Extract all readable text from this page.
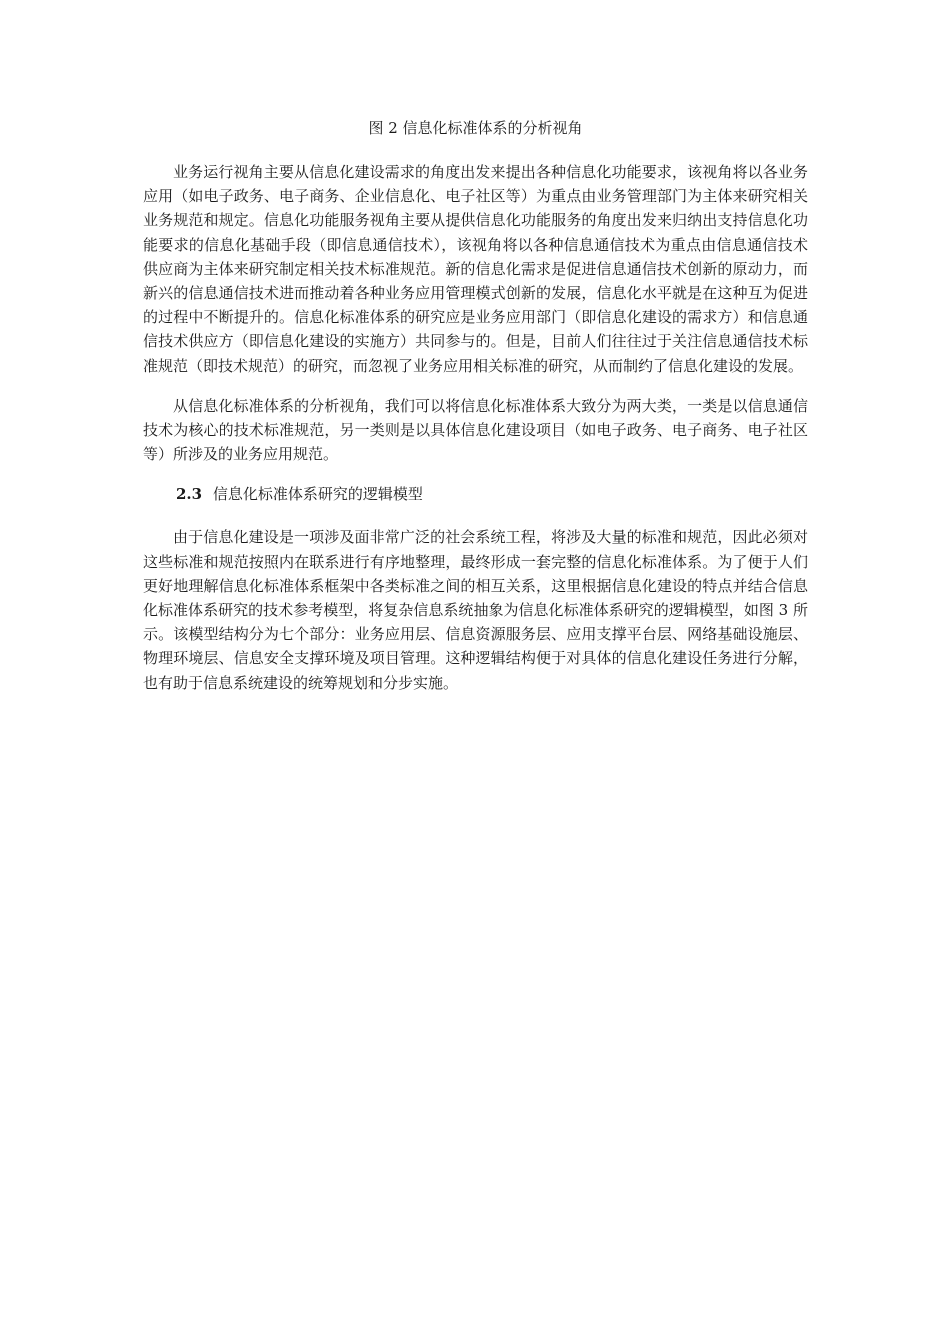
图 2 信息化标准体系的分析视角

业务运行视角主要从信息化建设需求的角度出发来提出各种信息化功能要求，该视角将以各业务应用（如电子政务、电子商务、企业信息化、电子社区等）为重点由业务管理部门为主体来研究相关业务规范和规定。信息化功能服务视角主要从提供信息化功能服务的角度出发来归纳出支持信息化功能要求的信息化基础手段（即信息通信技术），该视角将以各种信息通信技术为重点由信息通信技术供应商为主体来研究制定相关技术标准规范。新的信息化需求是促进信息通信技术创新的原动力，而新兴的信息通信技术进而推动着各种业务应用管理模式创新的发展，信息化水平就是在这种互为促进的过程中不断提升的。信息化标准体系的研究应是业务应用部门（即信息化建设的需求方）和信息通信技术供应方（即信息化建设的实施方）共同参与的。但是，目前人们往往过于关注信息通信技术标准规范（即技术规范）的研究，而忽视了业务应用相关标准的研究，从而制约了信息化建设的发展。

从信息化标准体系的分析视角，我们可以将信息化标准体系大致分为两大类，一类是以信息通信技术为核心的技术标准规范，另一类则是以具体信息化建设项目（如电子政务、电子商务、电子社区等）所涉及的业务应用规范。

2.3 信息化标准体系研究的逻辑模型

由于信息化建设是一项涉及面非常广泛的社会系统工程，将涉及大量的标准和规范，因此必须对这些标准和规范按照内在联系进行有序地整理，最终形成一套完整的信息化标准体系。为了便于人们更好地理解信息化标准体系框架中各类标准之间的相互关系，这里根据信息化建设的特点并结合信息化标准体系研究的技术参考模型，将复杂信息系统抽象为信息化标准体系研究的逻辑模型，如图 3 所示。该模型结构分为七个部分：业务应用层、信息资源服务层、应用支撑平台层、网络基础设施层、物理环境层、信息安全支撑环境及项目管理。这种逻辑结构便于对具体的信息化建设任务进行分解，也有助于信息系统建设的统筹规划和分步实施。
